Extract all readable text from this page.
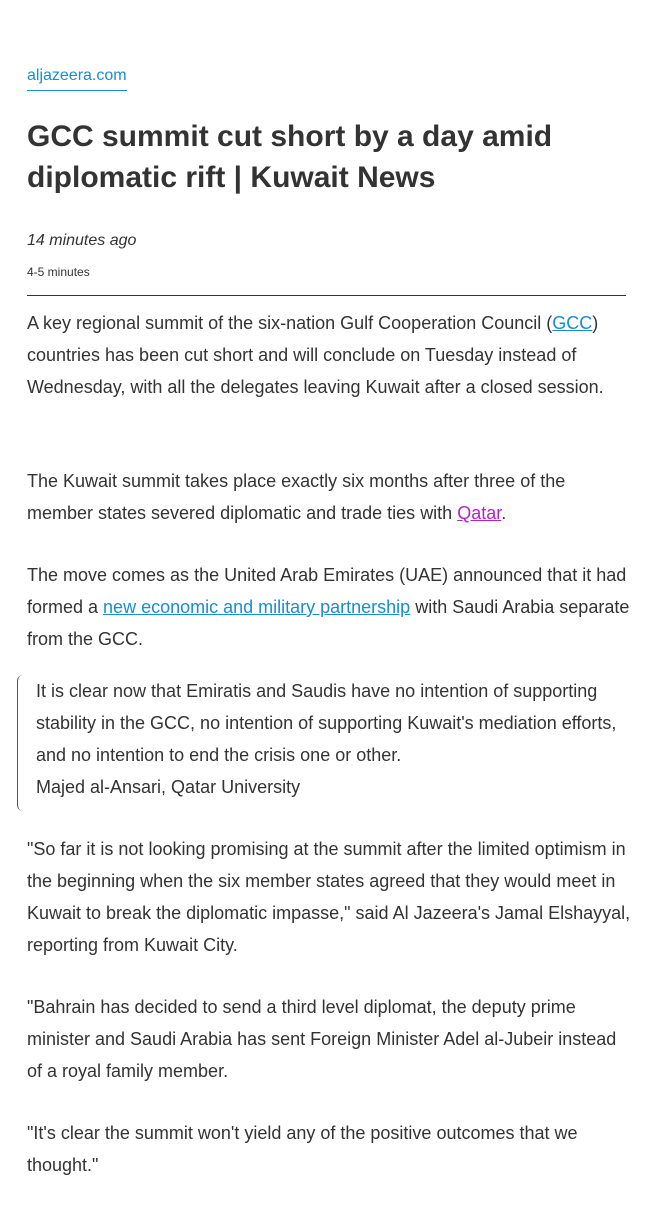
aljazeera.com
GCC summit cut short by a day amid diplomatic rift | Kuwait News
14 minutes ago
4-5 minutes

A key regional summit of the six-nation Gulf Cooperation Council (GCC) countries has been cut short and will conclude on Tuesday instead of Wednesday, with all the delegates leaving Kuwait after a closed session.

The Kuwait summit takes place exactly six months after three of the member states severed diplomatic and trade ties with Qatar.

The move comes as the United Arab Emirates (UAE) announced that it had formed a new economic and military partnership with Saudi Arabia separate from the GCC.

It is clear now that Emiratis and Saudis have no intention of supporting stability in the GCC, no intention of supporting Kuwait's mediation efforts, and no intention to end the crisis one or other.

Majed al-Ansari, Qatar University

"So far it is not looking promising at the summit after the limited optimism in the beginning when the six member states agreed that they would meet in Kuwait to break the diplomatic impasse," said Al Jazeera's Jamal Elshayyal, reporting from Kuwait City.

"Bahrain has decided to send a third level diplomat, the deputy prime minister and Saudi Arabia has sent Foreign Minister Adel al-Jubeir instead of a royal family member.

"It's clear the summit won't yield any of the positive outcomes that we thought."
